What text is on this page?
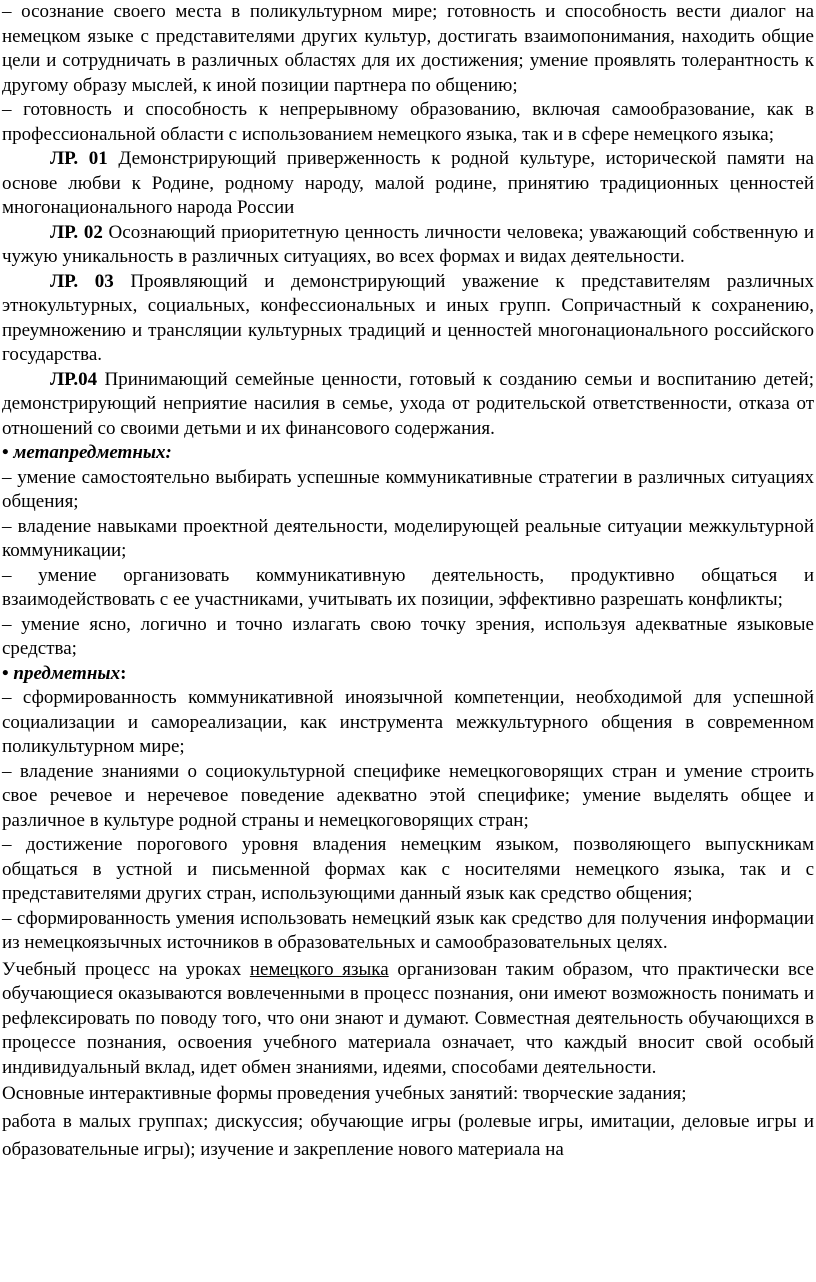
– осознание своего места в поликультурном мире; готовность и способность вести диалог на немецком языке с представителями других культур, достигать взаимопонимания, находить общие цели и сотрудничать в различных областях для их достижения; умение проявлять толерантность к другому образу мыслей, к иной позиции партнера по общению;

– готовность и способность к непрерывному образованию, включая самообразование, как в профессиональной области с использованием немецкого языка, так и в сфере немецкого языка;

ЛР. 01 Демонстрирующий приверженность к родной культуре, исторической памяти на основе любви к Родине, родному народу, малой родине, принятию традиционных ценностей многонационального народа России

ЛР. 02 Осознающий приоритетную ценность личности человека; уважающий собственную и чужую уникальность в различных ситуациях, во всех формах и видах деятельности.

ЛР. 03 Проявляющий и демонстрирующий уважение к представителям различных этнокультурных, социальных, конфессиональных и иных групп. Сопричастный к сохранению, преумножению и трансляции культурных традиций и ценностей многонационального российского государства.

ЛР.04 Принимающий семейные ценности, готовый к созданию семьи и воспитанию детей; демонстрирующий неприятие насилия в семье, ухода от родительской ответственности, отказа от отношений со своими детьми и их финансового содержания.

• метапредметных:

– умение самостоятельно выбирать успешные коммуникативные стратегии в различных ситуациях общения;

– владение навыками проектной деятельности, моделирующей реальные ситуации межкультурной коммуникации;

– умение организовать коммуникативную деятельность, продуктивно общаться и взаимодействовать с ее участниками, учитывать их позиции, эффективно разрешать конфликты;

– умение ясно, логично и точно излагать свою точку зрения, используя адекватные языковые средства;

• предметных:

– сформированность коммуникативной иноязычной компетенции, необходимой для успешной социализации и самореализации, как инструмента межкультурного общения в современном поликультурном мире;

– владение знаниями о социокультурной специфике немецкоговорящих стран и умение строить свое речевое и неречевое поведение адекватно этой специфике; умение выделять общее и различное в культуре родной страны и немецкоговорящих стран;

– достижение порогового уровня владения немецким языком, позволяющего выпускникам общаться в устной и письменной формах как с носителями немецкого языка, так и с представителями других стран, использующими данный язык как средство общения;

– сформированность умения использовать немецкий язык как средство для получения информации из немецкоязычных источников в образовательных и самообразовательных целях.

Учебный процесс на уроках немецкого языка организован таким образом, что практически все обучающиеся оказываются вовлеченными в процесс познания, они имеют возможность понимать и рефлексировать по поводу того, что они знают и думают. Совместная деятельность обучающихся в процессе познания, освоения учебного материала означает, что каждый вносит свой особый индивидуальный вклад, идет обмен знаниями, идеями, способами деятельности.

Основные интерактивные формы проведения учебных занятий: творческие задания;

работа в малых группах; дискуссия; обучающие игры (ролевые игры, имитации, деловые игры и образовательные игры); изучение и закрепление нового материала на
